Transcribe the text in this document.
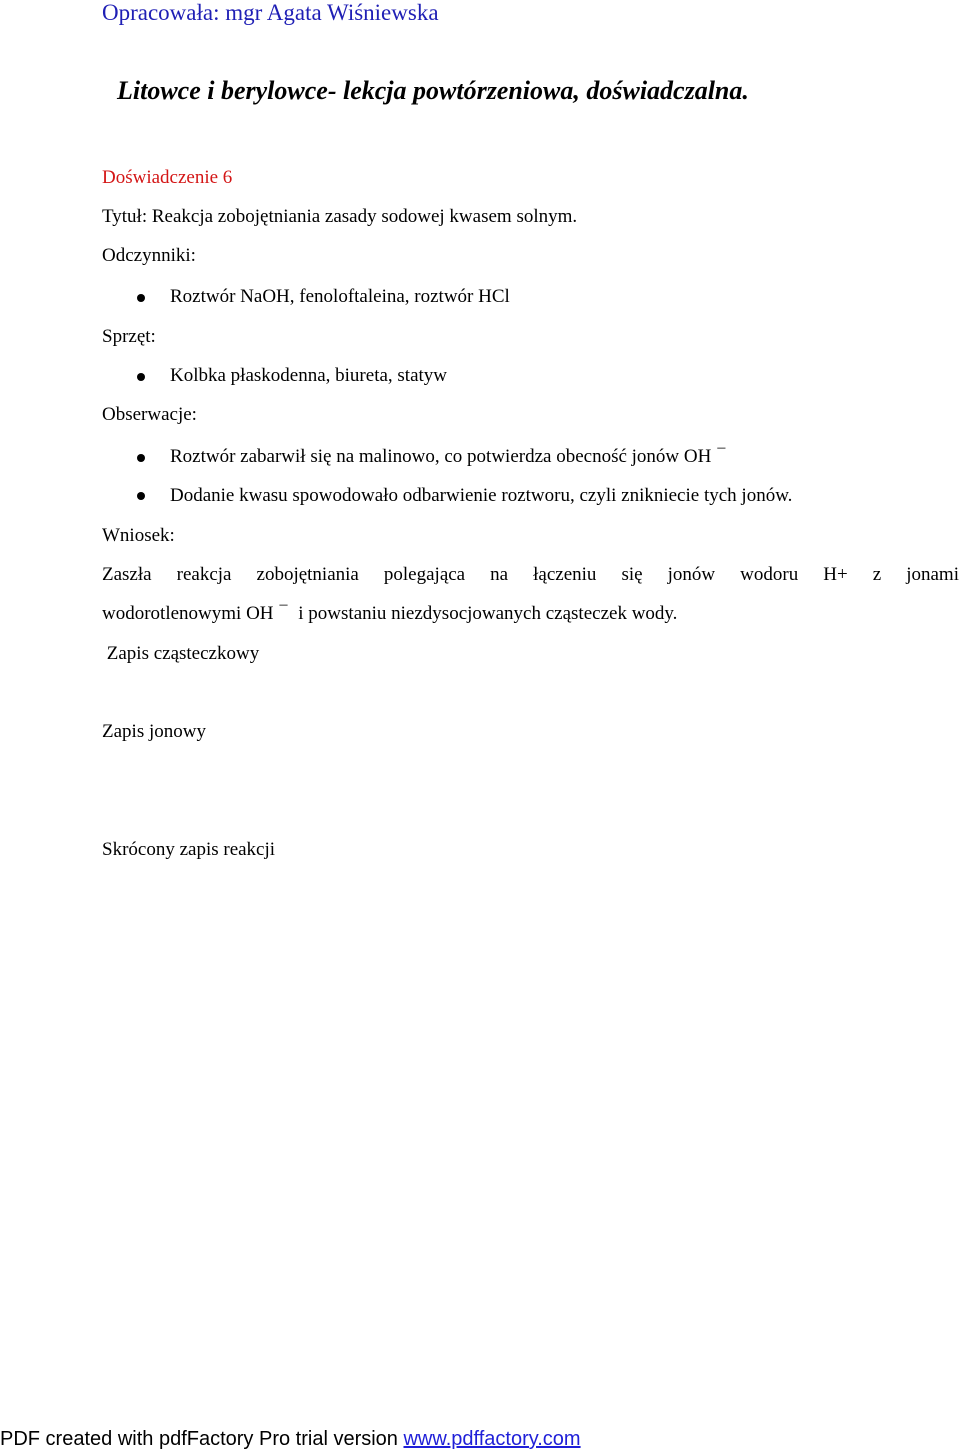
Opracowała: mgr Agata Wiśniewska
Litowce i berylowce- lekcja powtórzeniowa, doświadczalna.
Doświadczenie 6
Tytuł: Reakcja zobojętniania zasady sodowej kwasem solnym.
Odczynniki:
Roztwór NaOH, fenoloftaleina, roztwór HCl
Sprzęt:
Kolbka płaskodenna, biureta, statyw
Obserwacje:
Roztwór zabarwił się na malinowo, co potwierdza obecność jonów OH –
Dodanie kwasu spowodowało odbarwienie roztworu, czyli znikniecie tych jonów.
Wniosek:
Zaszła reakcja zobojętniania polegająca na łączeniu się jonów wodoru H+ z jonami
wodorotlenowymi OH – i powstaniu niezdysocjowanych cząsteczek wody.
Zapis cząsteczkowy
Zapis jonowy
Skrócony zapis reakcji
PDF created with pdfFactory Pro trial version www.pdffactory.com
